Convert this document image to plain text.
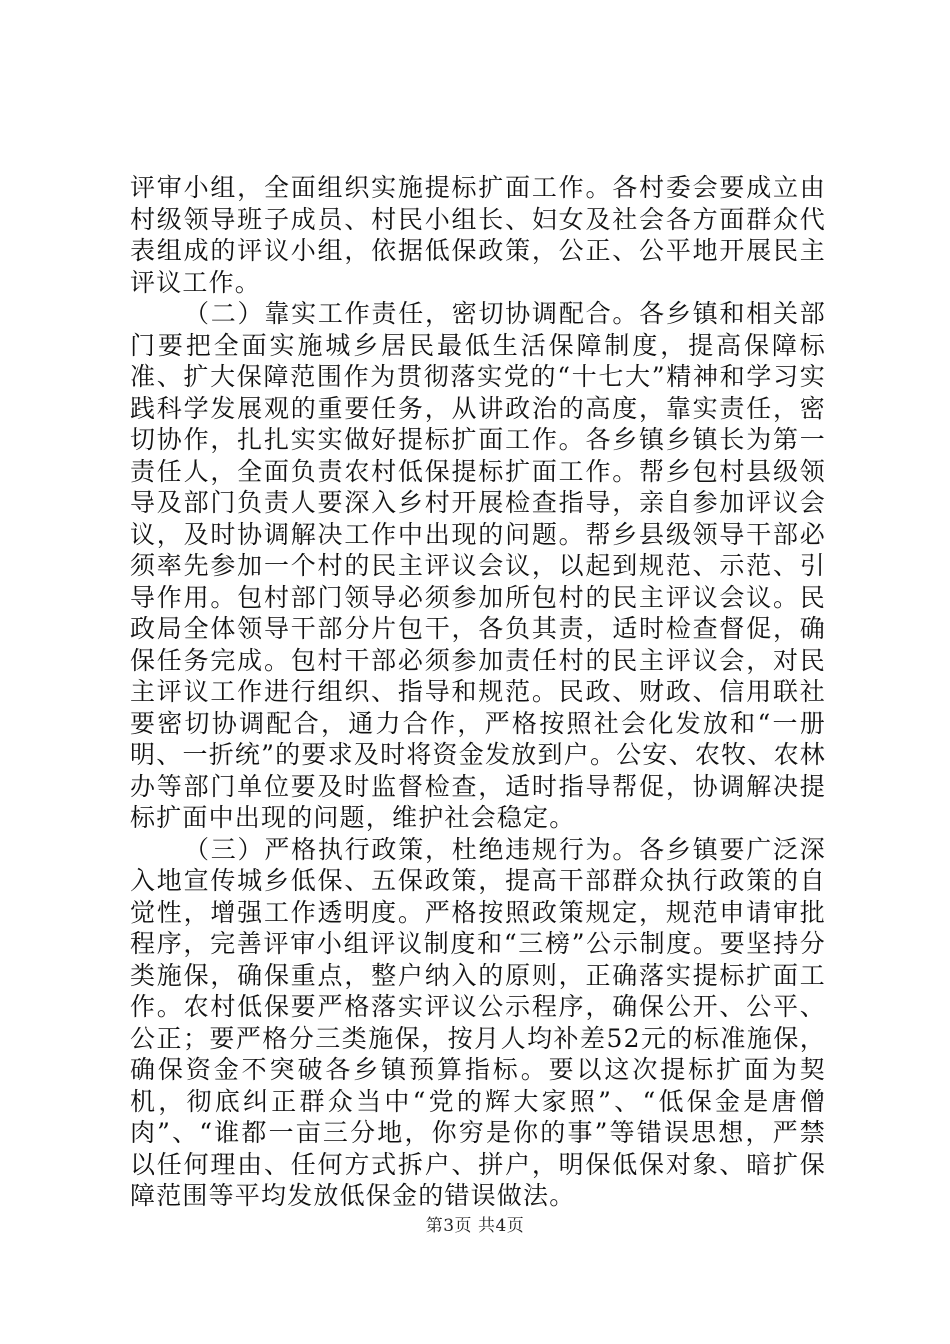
评审小组，全面组织实施提标扩面工作。各村委会要成立由村级领导班子成员、村民小组长、妇女及社会各方面群众代表组成的评议小组，依据低保政策，公正、公平地开展民主评议工作。

（二）靠实工作责任，密切协调配合。各乡镇和相关部门要把全面实施城乡居民最低生活保障制度，提高保障标准、扩大保障范围作为贯彻落实党的“十七大”精神和学习实践科学发展观的重要任务，从讲政治的高度，靠实责任，密切协作，扎扎实实做好提标扩面工作。各乡镇乡镇长为第一责任人，全面负责农村低保提标扩面工作。帮乡包村县级领导及部门负责人要深入乡村开展检查指导，亲自参加评议会议，及时协调解决工作中出现的问题。帮乡县级领导干部必须率先参加一个村的民主评议会议，以起到规范、示范、引导作用。包村部门领导必须参加所包村的民主评议会议。民政局全体领导干部分片包干，各负其责，适时检查督促，确保任务完成。包村干部必须参加责任村的民主评议会，对民主评议工作进行组织、指导和规范。民政、财政、信用联社要密切协调配合，通力合作，严格按照社会化发放和“一册明、一折统”的要求及时将资金发放到户。公安、农牧、农林办等部门单位要及时监督检查，适时指导帮促，协调解决提标扩面中出现的问题，维护社会稳定。

（三）严格执行政策，杜绝违规行为。各乡镇要广泛深入地宣传城乡低保、五保政策，提高干部群众执行政策的自觉性，增强工作透明度。严格按照政策规定，规范申请审批程序，完善评审小组评议制度和“三榜”公示制度。要坚持分类施保，确保重点，整户纳入的原则，正确落实提标扩面工作。农村低保要严格落实评议公示程序，确保公开、公平、公正；要严格分三类施保，按月人均补差52元的标准施保，确保资金不突破各乡镇预算指标。要以这次提标扩面为契机，彻底纠正群众当中“党的辉大家照”、“低保金是唐僧肉”、“谁都一亩三分地，你穷是你的事”等错误思想，严禁以任何理由、任何方式拆户、拼户，明保低保对象、暗扩保障范围等平均发放低保金的错误做法。

第3页 共4页
